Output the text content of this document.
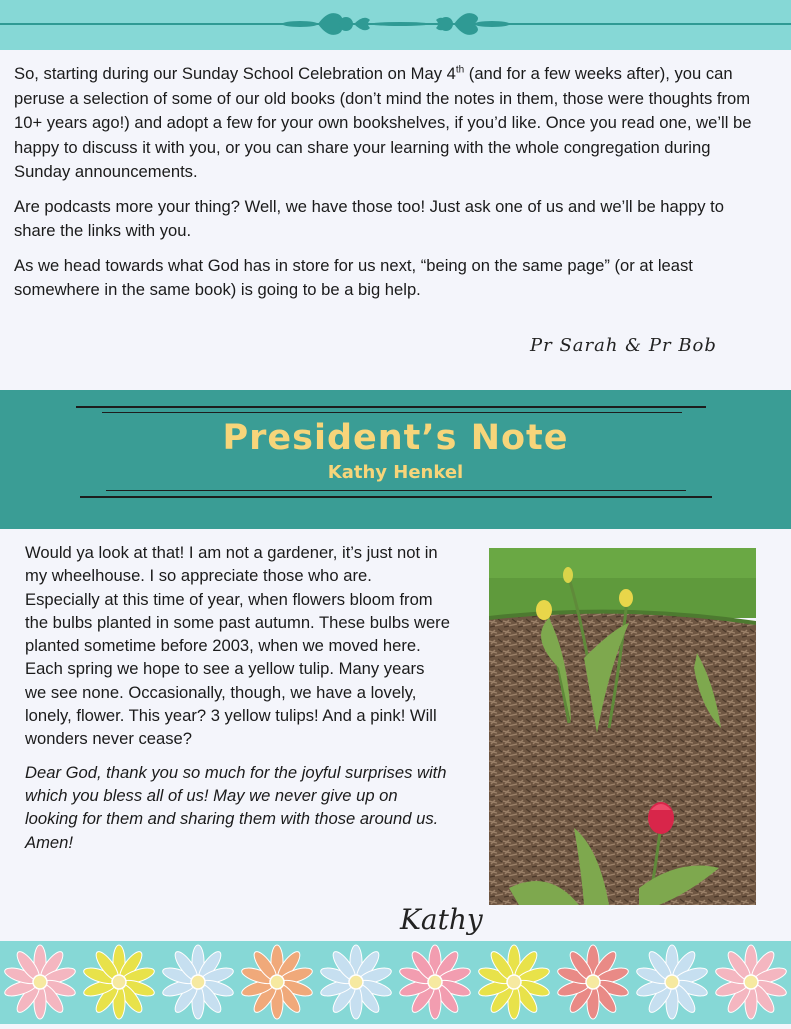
So, starting during our Sunday School Celebration on May 4th (and for a few weeks after), you can peruse a selection of some of our old books (don’t mind the notes in them, those were thoughts from 10+ years ago!) and adopt a few for your own bookshelves, if you’d like. Once you read one, we’ll be happy to discuss it with you, or you can share your learning with the whole congregation during Sunday announcements.

Are podcasts more your thing? Well, we have those too! Just ask one of us and we’ll be happy to share the links with you.

As we head towards what God has in store for us next, “being on the same page” (or at least somewhere in the same book) is going to be a big help.

Pr Sarah & Pr Bob
President’s Note
Kathy Henkel

Would ya look at that! I am not a gardener, it’s just not in my wheelhouse. I so appreciate those who are. Especially at this time of year, when flowers bloom from the bulbs planted in some past autumn. These bulbs were planted sometime before 2003, when we moved here. Each spring we hope to see a yellow tulip. Many years we see none. Occasionally, though, we have a lovely, lonely, flower. This year? 3 yellow tulips! And a pink! Will wonders never cease?

Dear God, thank you so much for the joyful surprises with which you bless all of us! May we never give up on looking for them and sharing them with those around us. Amen!

Kathy
